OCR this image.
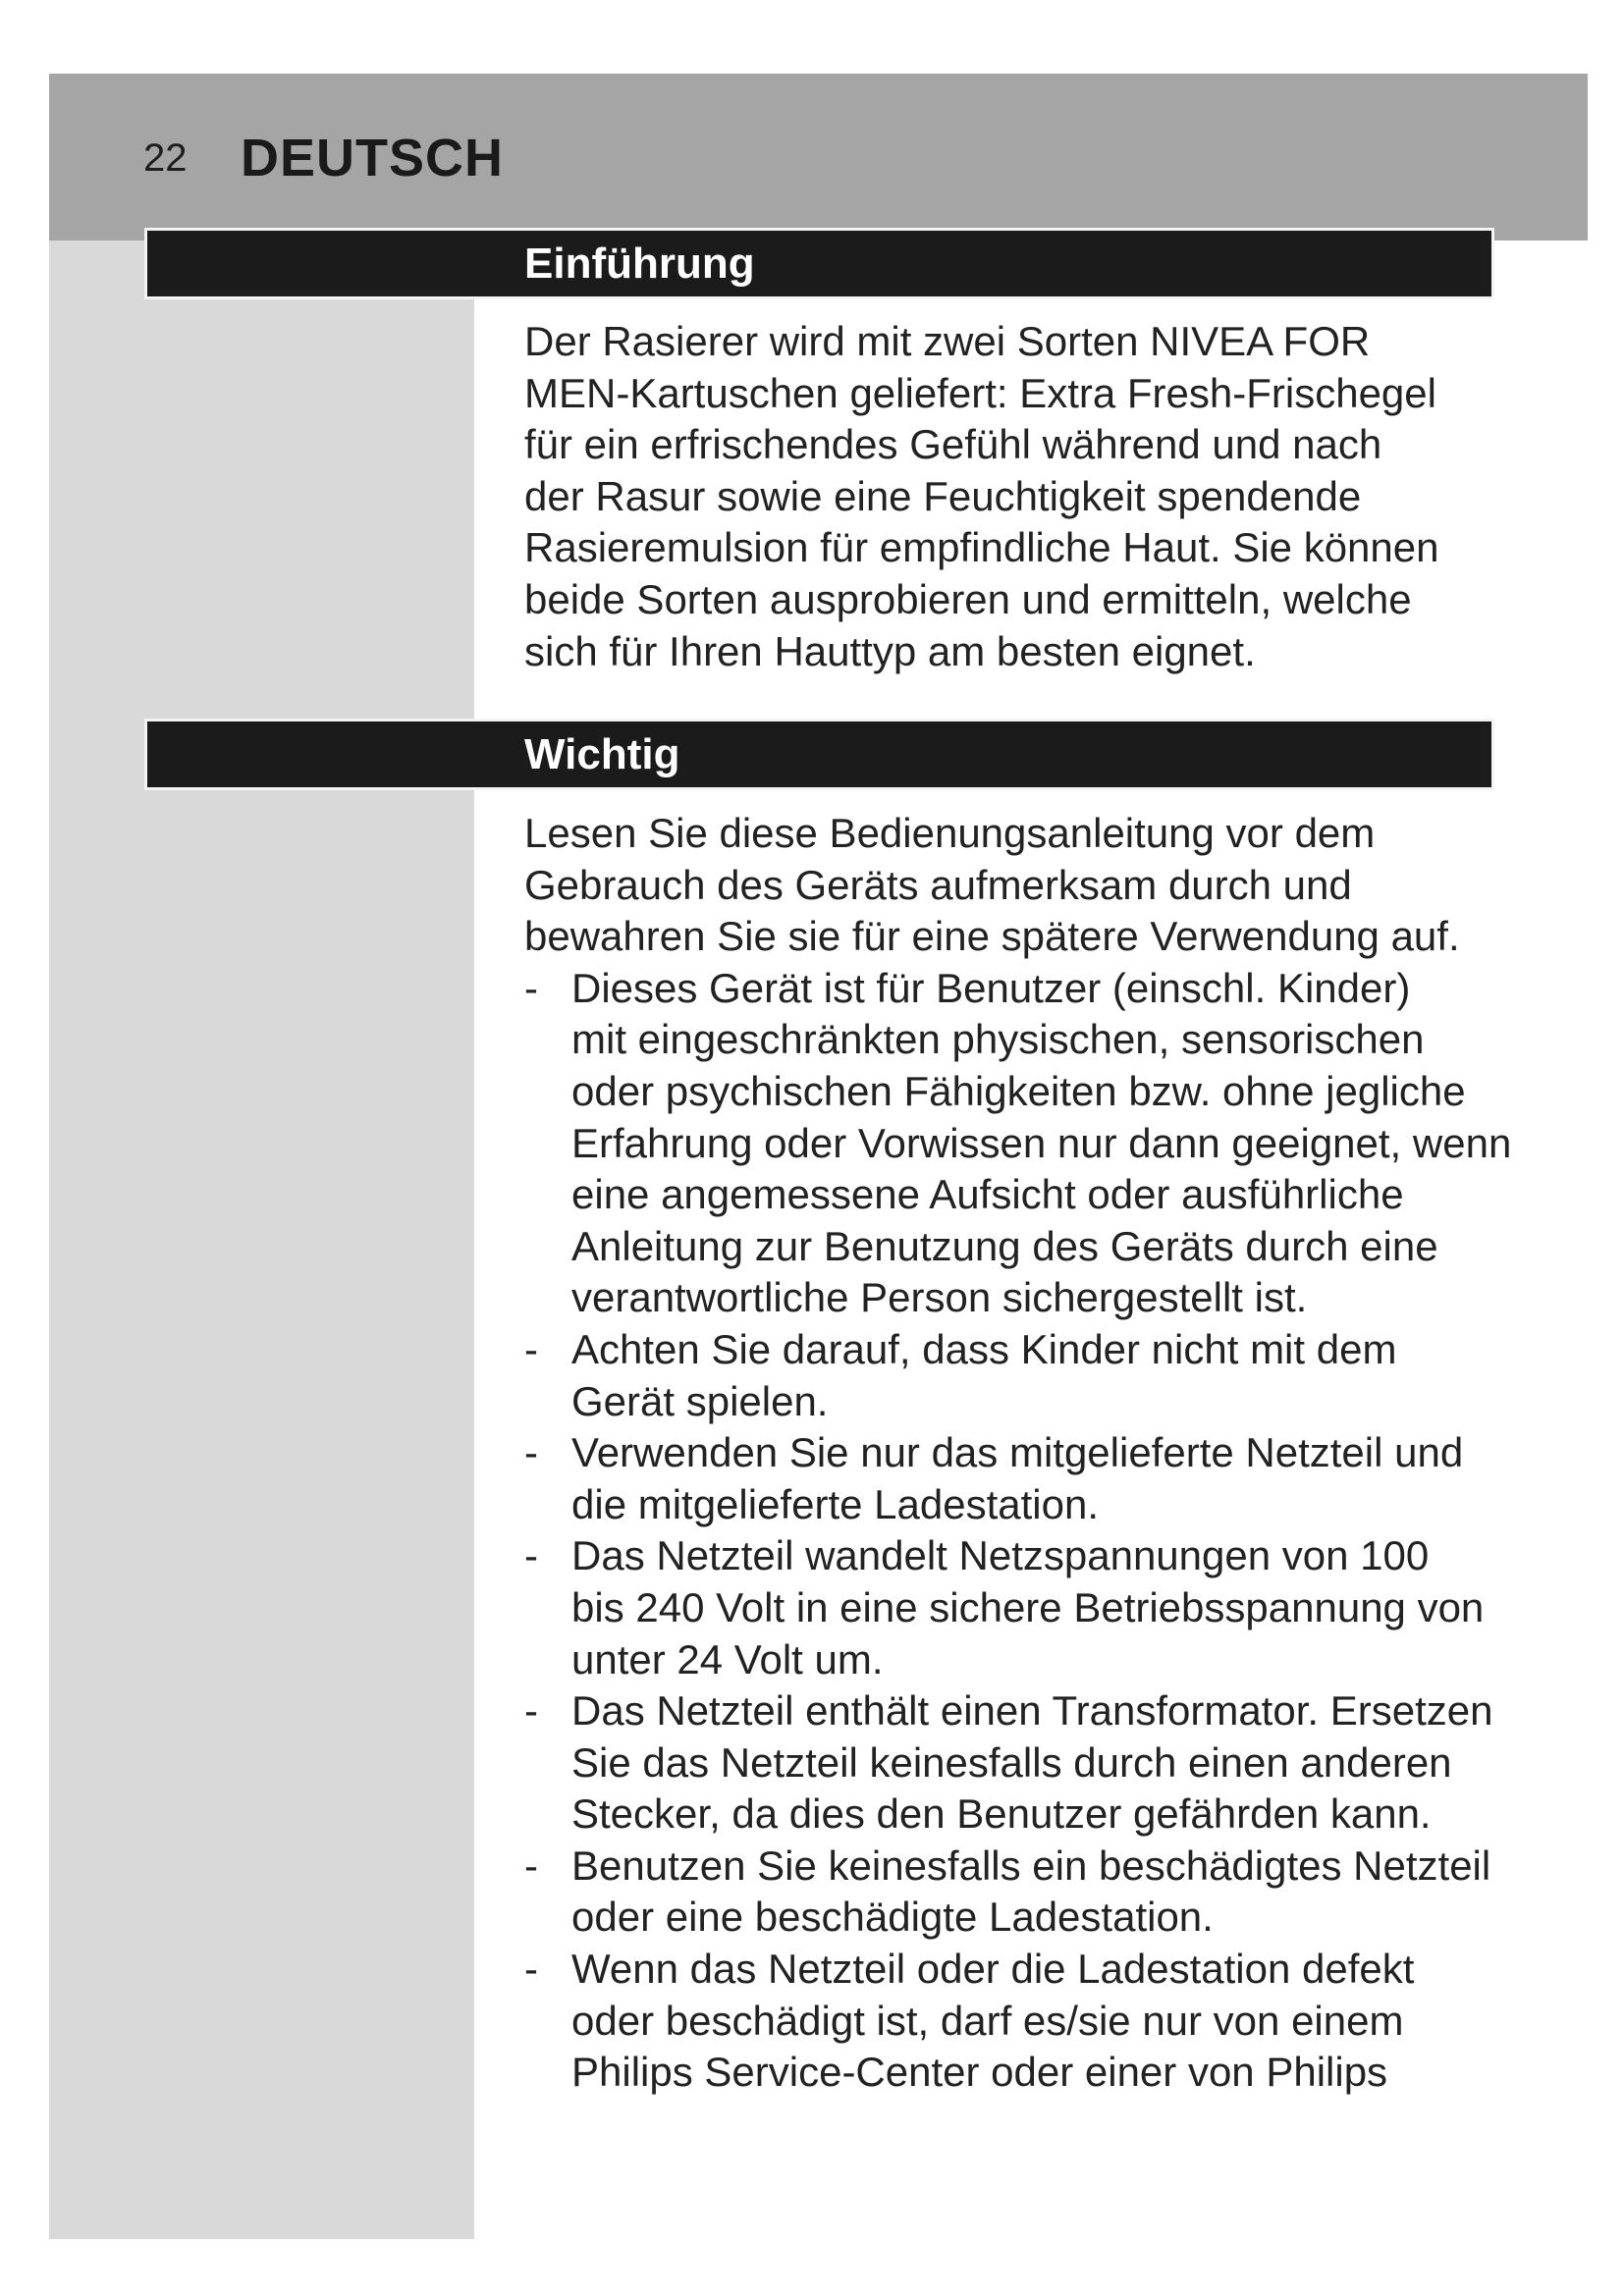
22 DEUTSCH
Einführung
Der Rasierer wird mit zwei Sorten NIVEA FOR
MEN-Kartuschen geliefert: Extra Fresh-Frischegel
für ein erfrischendes Gefühl während und nach
der Rasur sowie eine Feuchtigkeit spendende
Rasieremulsion für empfindliche Haut. Sie können
beide Sorten ausprobieren und ermitteln, welche
sich für Ihren Hauttyp am besten eignet.
Wichtig
Lesen Sie diese Bedienungsanleitung vor dem
Gebrauch des Geräts aufmerksam durch und
bewahren Sie sie für eine spätere Verwendung auf.
- Dieses Gerät ist für Benutzer (einschl. Kinder)
mit eingeschränkten physischen, sensorischen
oder psychischen Fähigkeiten bzw. ohne jegliche
Erfahrung oder Vorwissen nur dann geeignet, wenn
eine angemessene Aufsicht oder ausführliche
Anleitung zur Benutzung des Geräts durch eine
verantwortliche Person sichergestellt ist.
- Achten Sie darauf, dass Kinder nicht mit dem
Gerät spielen.
- Verwenden Sie nur das mitgelieferte Netzteil und
die mitgelieferte Ladestation.
- Das Netzteil wandelt Netzspannungen von 100
bis 240 Volt in eine sichere Betriebsspannung von
unter 24 Volt um.
- Das Netzteil enthält einen Transformator. Ersetzen
Sie das Netzteil keinesfalls durch einen anderen
Stecker, da dies den Benutzer gefährden kann.
- Benutzen Sie keinesfalls ein beschädigtes Netzteil
oder eine beschädigte Ladestation.
- Wenn das Netzteil oder die Ladestation defekt
oder beschädigt ist, darf es/sie nur von einem
Philips Service-Center oder einer von Philips
